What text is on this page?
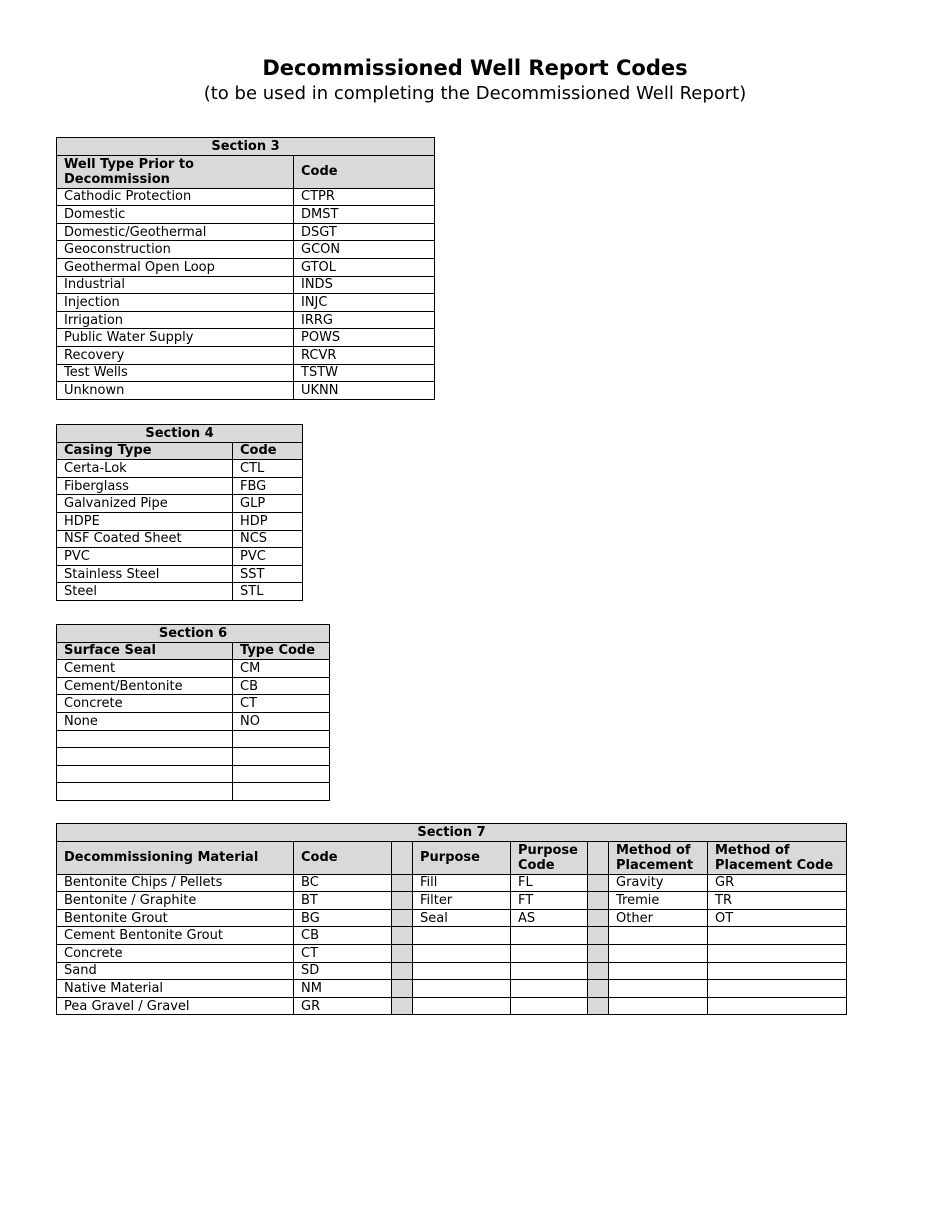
Decommissioned Well Report Codes
(to be used in completing the Decommissioned Well Report)
Section 3	
Well Type Prior to Decommission	Code
Cathodic Protection	CTPR
Domestic	DMST
Domestic/Geothermal	DSGT
Geoconstruction	GCON
Geothermal Open Loop	GTOL
Industrial	INDS
Injection	INJC
Irrigation	IRRG
Public Water Supply	POWS
Recovery	RCVR
Test Wells	TSTW
Unknown	UKNN
Section 4	
Casing Type	Code
Certa-Lok	CTL
Fiberglass	FBG
Galvanized Pipe	GLP
HDPE	HDP
NSF Coated Sheet	NCS
PVC	PVC
Stainless Steel	SST
Steel	STL
Section 6	
Surface Seal	Type Code
Cement	CM
Cement/Bentonite	CB
Concrete	CT
None	NO

Section 7							
Decommissioning Material	Code		Purpose	Purpose Code		Method of Placement	Method of Placement Code
Bentonite Chips / Pellets	BC		Fill	FL		Gravity	GR
Bentonite / Graphite	BT		Filter	FT		Tremie	TR
Bentonite Grout	BG		Seal	AS		Other	OT
Cement Bentonite Grout	CB						
Concrete	CT						
Sand	SD						
Native Material	NM						
Pea Gravel / Gravel	GR						
